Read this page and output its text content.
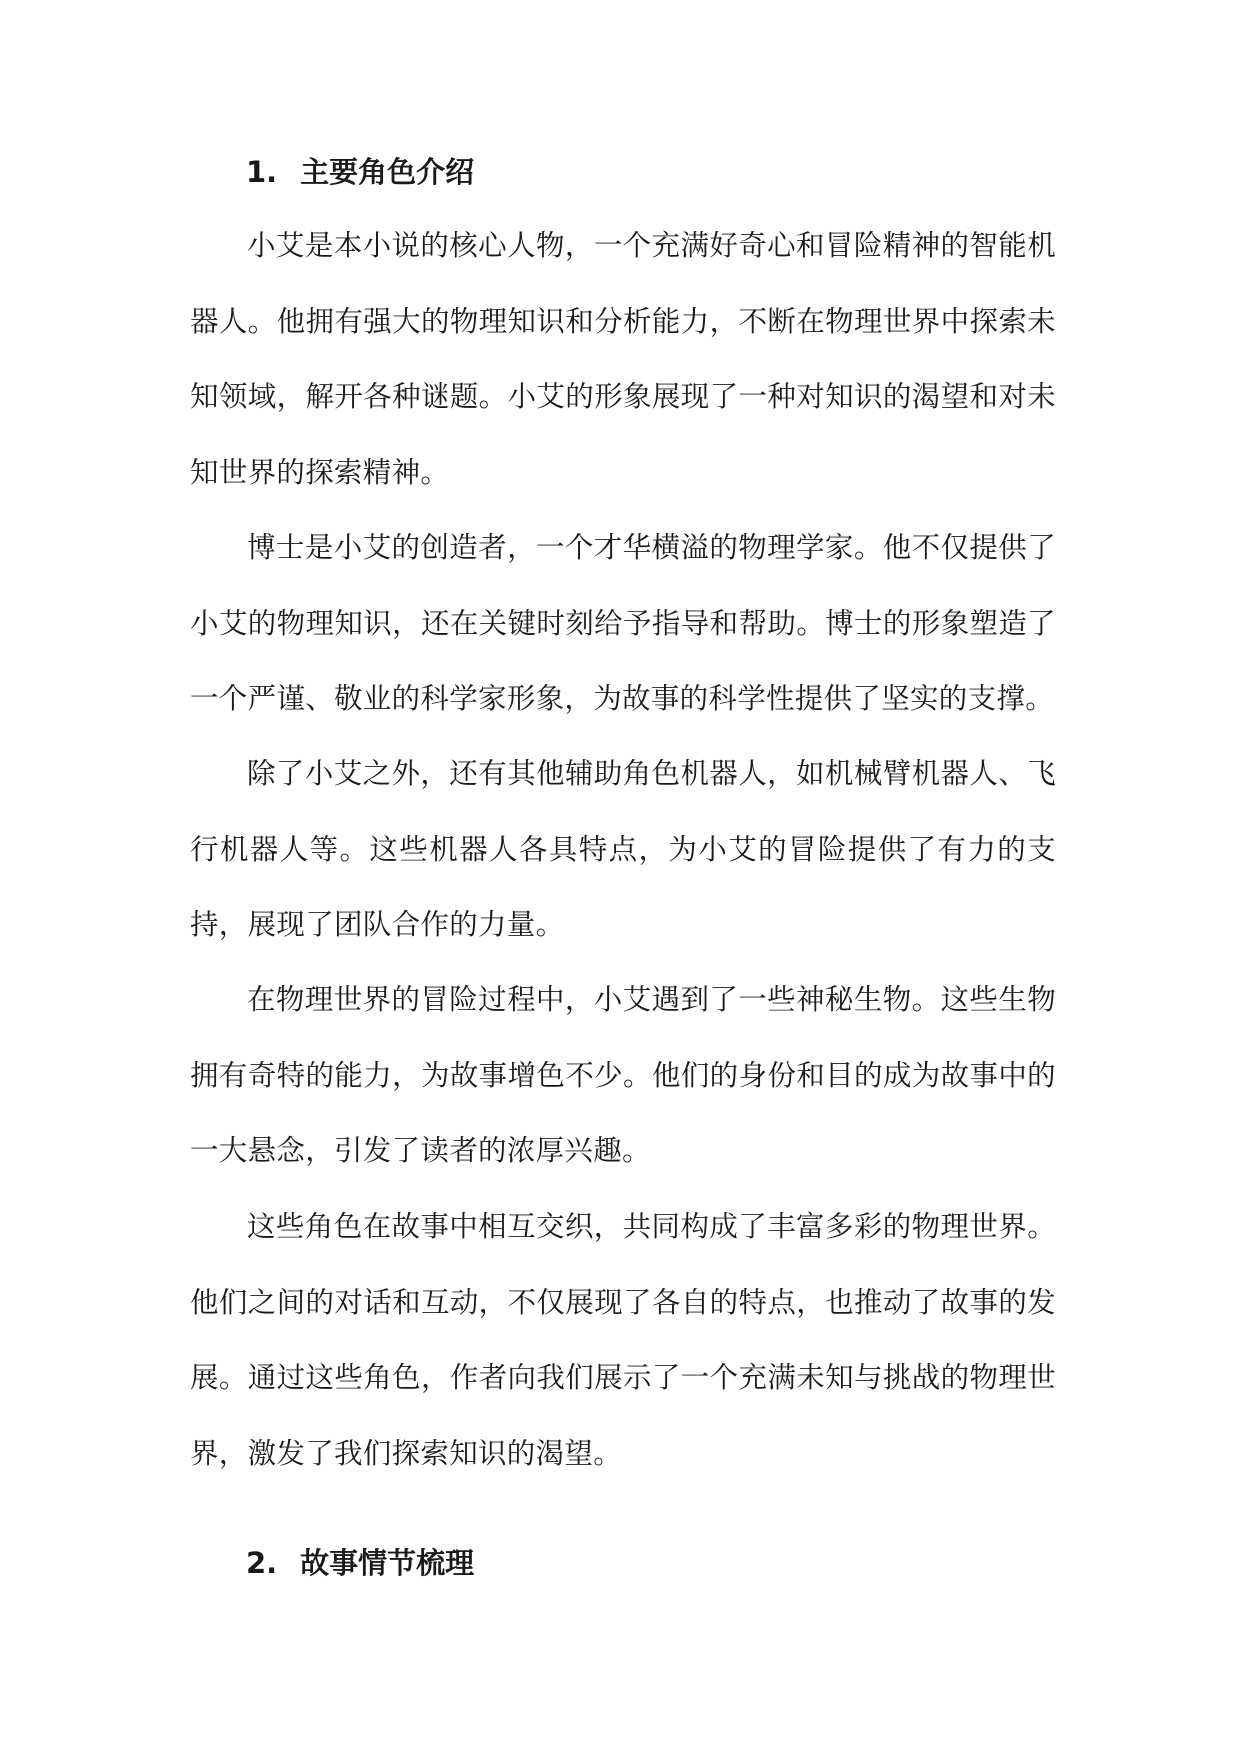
1. 主要角色介绍

小艾是本小说的核心人物，一个充满好奇心和冒险精神的智能机器人。他拥有强大的物理知识和分析能力，不断在物理世界中探索未知领域，解开各种谜题。小艾的形象展现了一种对知识的渴望和对未知世界的探索精神。

博士是小艾的创造者，一个才华横溢的物理学家。他不仅提供了小艾的物理知识，还在关键时刻给予指导和帮助。博士的形象塑造了一个严谨、敬业的科学家形象，为故事的科学性提供了坚实的支撑。

除了小艾之外，还有其他辅助角色机器人，如机械臂机器人、飞行机器人等。这些机器人各具特点，为小艾的冒险提供了有力的支持，展现了团队合作的力量。

在物理世界的冒险过程中，小艾遇到了一些神秘生物。这些生物拥有奇特的能力，为故事增色不少。他们的身份和目的成为故事中的一大悬念，引发了读者的浓厚兴趣。

这些角色在故事中相互交织，共同构成了丰富多彩的物理世界。他们之间的对话和互动，不仅展现了各自的特点，也推动了故事的发展。通过这些角色，作者向我们展示了一个充满未知与挑战的物理世界，激发了我们探索知识的渴望。

2. 故事情节梳理
